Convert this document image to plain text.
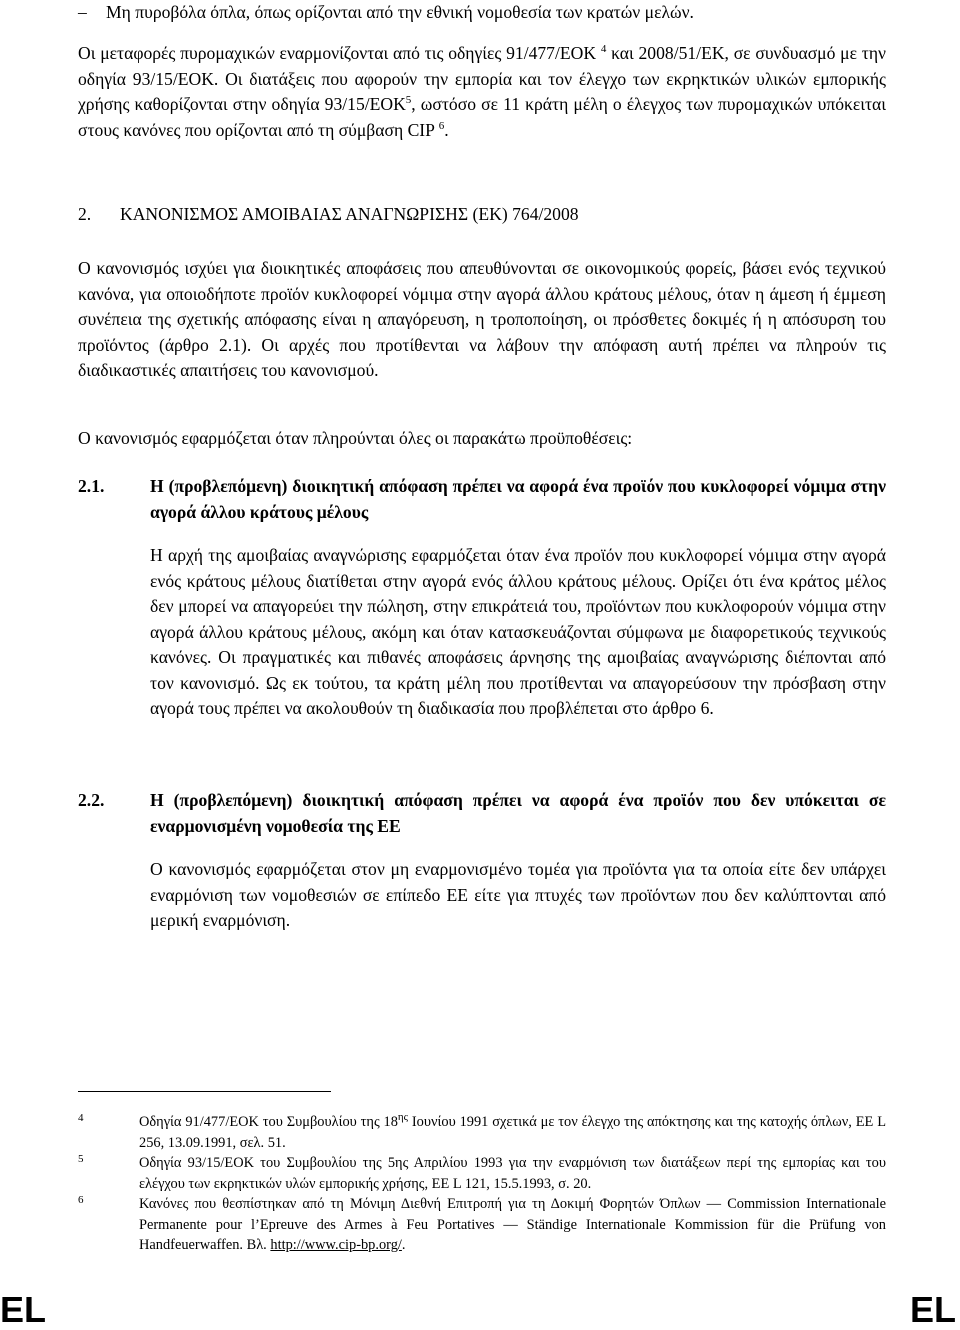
– Μη πυροβόλα όπλα, όπως ορίζονται από την εθνική νομοθεσία των κρατών μελών.

Οι μεταφορές πυρομαχικών εναρμονίζονται από τις οδηγίες 91/477/ΕΟΚ $^4$ και 2008/51/ΕΚ, σε συνδυασμό με την οδηγία 93/15/ΕΟΚ. Οι διατάξεις που αφορούν την εμπορία και τον έλεγχο των εκρηκτικών υλικών εμπορικής χρήσης καθορίζονται στην οδηγία 93/15/ΕΟΚ$^5$, ωστόσο σε 11 κράτη μέλη ο έλεγχος των πυρομαχικών υπόκειται στους κανόνες που ορίζονται από τη σύμβαση CIP $^6$.

2. ΚΑΝΟΝΙΣΜΟΣ ΑΜΟΙΒΑΙΑΣ ΑΝΑΓΝΩΡΙΣΗΣ (ΕΚ) 764/2008

Ο κανονισμός ισχύει για διοικητικές αποφάσεις που απευθύνονται σε οικονομικούς φορείς, βάσει ενός τεχνικού κανόνα, για οποιοδήποτε προϊόν κυκλοφορεί νόμιμα στην αγορά άλλου κράτους μέλους, όταν η άμεση ή έμμεση συνέπεια της σχετικής απόφασης είναι η απαγόρευση, η τροποποίηση, οι πρόσθετες δοκιμές ή η απόσυρση του προϊόντος (άρθρο 2.1). Οι αρχές που προτίθενται να λάβουν την απόφαση αυτή πρέπει να πληρούν τις διαδικαστικές απαιτήσεις του κανονισμού.

Ο κανονισμός εφαρμόζεται όταν πληρούνται όλες οι παρακάτω προϋποθέσεις:

2.1.	Η (προβλεπόμενη) διοικητική απόφαση πρέπει να αφορά ένα προϊόν που κυκλοφορεί νόμιμα στην αγορά άλλου κράτους μέλους

Η αρχή της αμοιβαίας αναγνώρισης εφαρμόζεται όταν ένα προϊόν που κυκλοφορεί νόμιμα στην αγορά ενός κράτους μέλους διατίθεται στην αγορά ενός άλλου κράτους μέλους. Ορίζει ότι ένα κράτος μέλος δεν μπορεί να απαγορεύει την πώληση, στην επικράτειά του, προϊόντων που κυκλοφορούν νόμιμα στην αγορά άλλου κράτους μέλους, ακόμη και όταν κατασκευάζονται σύμφωνα με διαφορετικούς τεχνικούς κανόνες. Οι πραγματικές και πιθανές αποφάσεις άρνησης της αμοιβαίας αναγνώρισης διέπονται από τον κανονισμό. Ως εκ τούτου, τα κράτη μέλη που προτίθενται να απαγορεύσουν την πρόσβαση στην αγορά τους πρέπει να ακολουθούν τη διαδικασία που προβλέπεται στο άρθρο 6.

2.2.	Η (προβλεπόμενη) διοικητική απόφαση πρέπει να αφορά ένα προϊόν που δεν υπόκειται σε εναρμονισμένη νομοθεσία της ΕΕ

Ο κανονισμός εφαρμόζεται στον μη εναρμονισμένο τομέα για προϊόντα για τα οποία είτε δεν υπάρχει εναρμόνιση των νομοθεσιών σε επίπεδο ΕΕ είτε για πτυχές των προϊόντων που δεν καλύπτονται από μερική εναρμόνιση.

4	Οδηγία 91/477/ΕΟΚ του Συμβουλίου της $18^{\eta\varsigma}$ Ιουνίου 1991 σχετικά με τον έλεγχο της απόκτησης και της κατοχής όπλων, ΕΕ L 256, 13.09.1991, σελ. 51.

5	Οδηγία 93/15/ΕΟΚ του Συμβουλίου της 5ης Απριλίου 1993 για την εναρμόνιση των διατάξεων περί της εμπορίας και του ελέγχου των εκρηκτικών υλών εμπορικής χρήσης, ΕΕ L 121, 15.5.1993, σ. 20.

6	Κανόνες που θεσπίστηκαν από τη Μόνιμη Διεθνή Επιτροπή για τη Δοκιμή Φορητών Όπλων — Commission Internationale Permanente pour l’Epreuve des Armes à Feu Portatives — Ständige Internationale Kommission für die Prüfung von Handfeuerwaffen. Βλ. http://www.cip-bp.org/.

EL	EL
